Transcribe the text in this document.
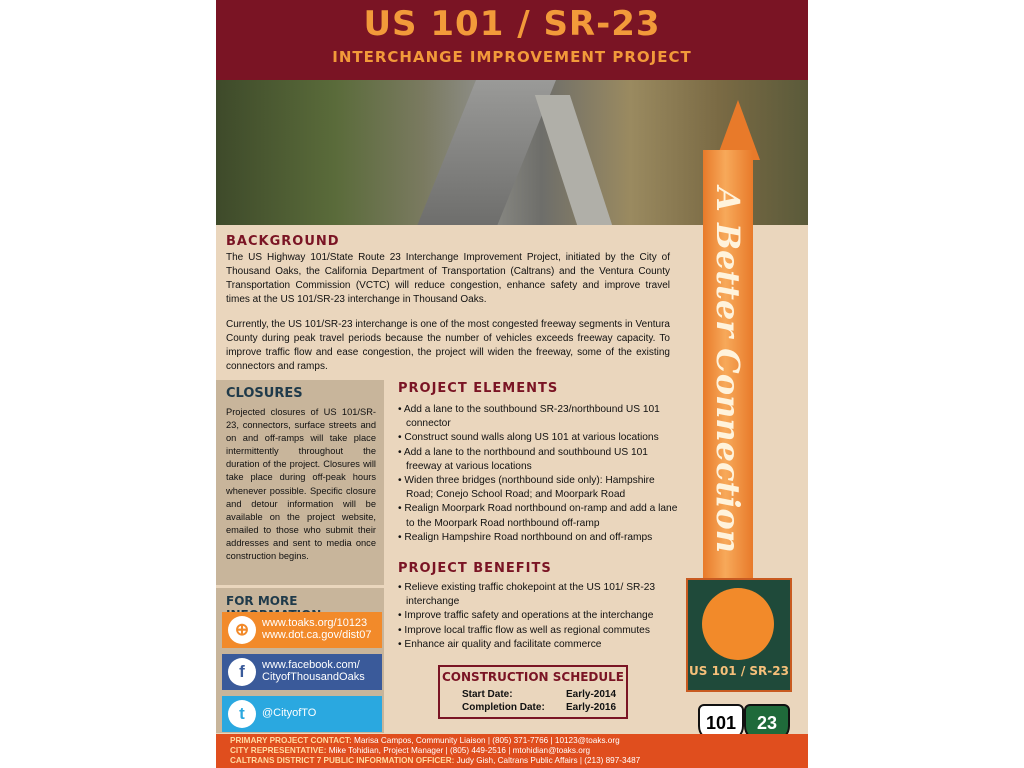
US 101 / SR-23
INTERCHANGE IMPROVEMENT PROJECT
BACKGROUND
The US Highway 101/State Route 23 Interchange Improvement Project, initiated by the City of Thousand Oaks, the California Department of Transportation (Caltrans) and the Ventura County Transportation Commission (VCTC) will reduce congestion, enhance safety and improve travel times at the US 101/SR-23 interchange in Thousand Oaks.
Currently, the US 101/SR-23 interchange is one of the most congested freeway segments in Ventura County during peak travel periods because the number of vehicles exceeds freeway capacity. To improve traffic flow and ease congestion, the project will widen the freeway, some of the existing connectors and ramps.
CLOSURES
Projected closures of US 101/SR-23, connectors, surface streets and on and off-ramps will take place intermittently throughout the duration of the project. Closures will take place during off-peak hours whenever possible. Specific closure and detour information will be available on the project website, emailed to those who submit their addresses and sent to media once construction begins.
FOR MORE
⊕	www.toaks.org/10123
www.dot.ca.gov/dist07
f	www.facebook.com/
CityofThousandOaks
t	@CityofTO
PROJECT ELEMENTS
• Add a lane to the southbound SR-23/northbound US 101 connector
• Construct sound walls along US 101 at various locations
• Add a lane to the northbound and southbound US 101 freeway at various locations
• Widen three bridges (northbound side only): Hampshire Road; Conejo School Road; and Moorpark Road
• Realign Moorpark Road northbound on-ramp and add a lane to the Moorpark Road northbound off-ramp
• Realign Hampshire Road northbound on and off-ramps
PROJECT BENEFITS
• Relieve existing traffic chokepoint at the US 101/ SR-23 interchange
• Improve traffic safety and operations at the interchange
• Improve local traffic flow as well as regional commutes
• Enhance air quality and facilitate commerce
A Better Connection
US 101 / SR-23
CONSTRUCTION SCHEDULE
Start Date:	Early-2014
Completion Date: Early-2016
101	23
PRIMARY PROJECT CONTACT: Marisa Campos, Community Liaison | (805) 371-7766 | 10123@toaks.org
CITY REPRESENTATIVE: Mike Tohidian, Project Manager | (805) 449-2516 | mtohidian@toaks.org
CALTRANS DISTRICT 7 PUBLIC INFORMATION OFFICER: Judy Gish, Caltrans Public Affairs | (213) 897-3487
